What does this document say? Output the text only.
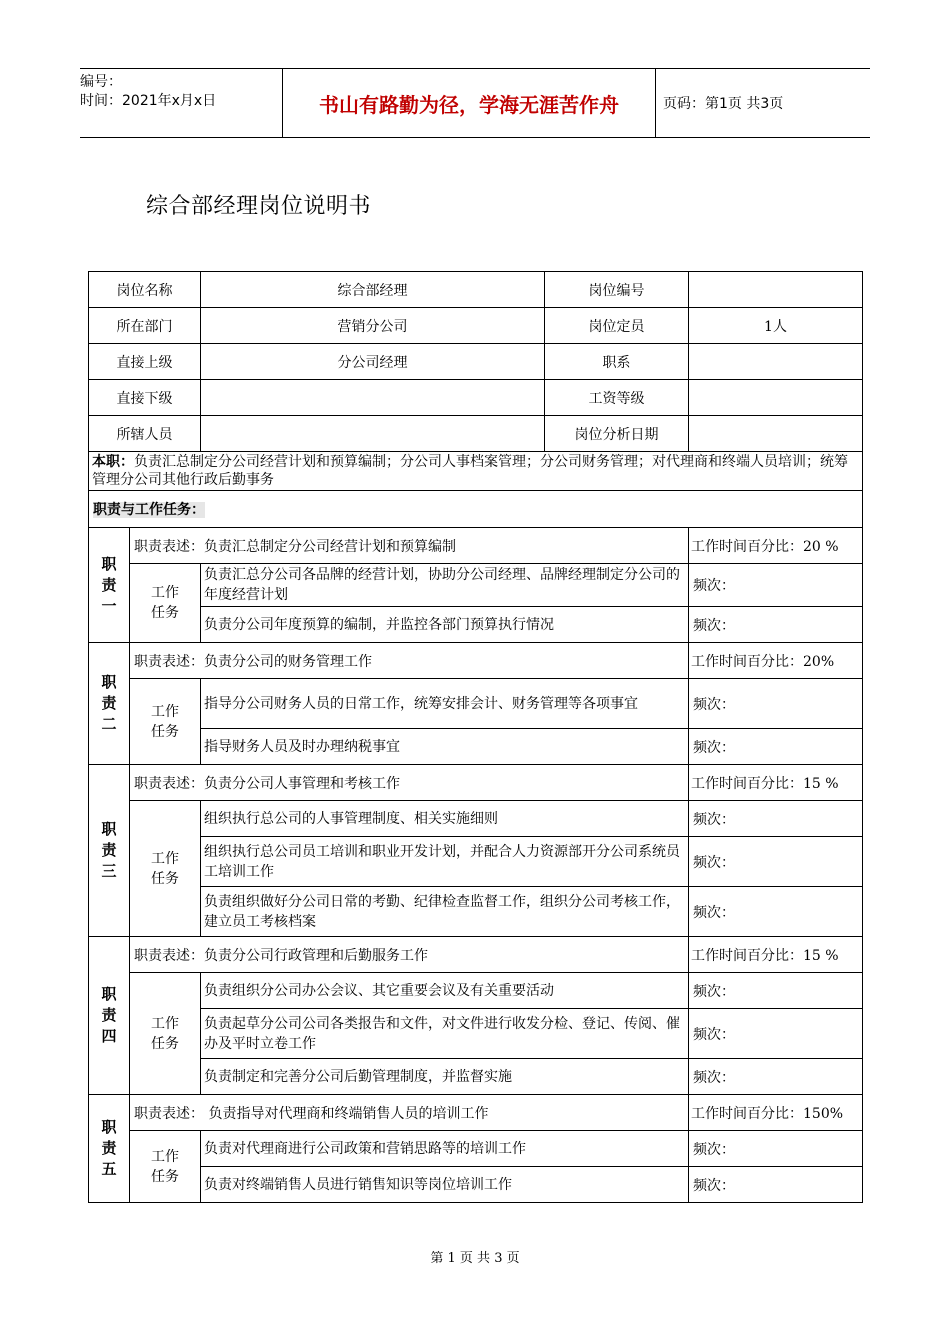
编号：
时间：2021年x月x日	书山有路勤为径，学海无涯苦作舟	页码：第1页 共3页
综合部经理岗位说明书
岗位名称		综合部经理	岗位编号	
所在部门		营销分公司	岗位定员	1人
直接上级		分公司经理	职系	
直接下级			工资等级	
所辖人员			岗位分析日期	
本职：负责汇总制定分公司经营计划和预算编制；分公司人事档案管理；分公司财务管理；对代理商和终端人员培训；统筹管理分公司其他行政后勤事务				
职责与工作任务：				

职责一	职责表述：负责汇总制定分公司经营计划和预算编制			工作时间百分比：20 %

	工作任务	负责汇总分公司各品牌的经营计划，协助分公司经理、品牌经理制定分公司的年度经营计划		频次：
		负责分公司年度预算的编制，并监控各部门预算执行情况		频次：

职责二	职责表述：负责分公司的财务管理工作			工作时间百分比：20%

	工作任务	指导分公司财务人员的日常工作，统筹安排会计、财务管理等各项事宜		频次：
		指导财务人员及时办理纳税事宜		频次：

职责三	职责表述：负责分公司人事管理和考核工作			工作时间百分比：15 %

	工作任务	组织执行总公司的人事管理制度、相关实施细则		频次：
		组织执行总公司员工培训和职业开发计划，并配合人力资源部开分公司系统员工培训工作		频次：
		负责组织做好分公司日常的考勤、纪律检查监督工作，组织分公司考核工作，建立员工考核档案		频次：

职责四	职责表述：负责分公司行政管理和后勤服务工作			工作时间百分比：15 %

	工作任务	负责组织分公司办公会议、其它重要会议及有关重要活动		频次：
		负责起草分公司公司各类报告和文件，对文件进行收发分检、登记、传阅、催办及平时立卷工作		频次：
		负责制定和完善分公司后勤管理制度，并监督实施		频次：

职责五	职责表述： 负责指导对代理商和终端销售人员的培训工作			工作时间百分比：150%

	工作任务	负责对代理商进行公司政策和营销思路等的培训工作		频次：
		负责对终端销售人员进行销售知识等岗位培训工作		频次：
第 1 页 共 3 页
